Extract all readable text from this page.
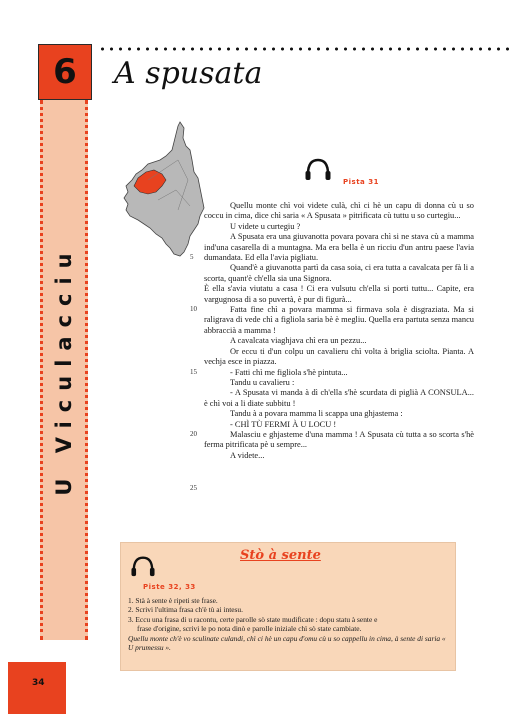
6 A spusata
U Viculacciu
Pista 31
5
10
15
20
25

Quellu monte chì voi videte culà, chì ci hè un capu di donna cù u so coccu in cima, dice chì saria « A Spusata » pitrificata cù tuttu u so curtegiu...

U videte u curtegiu ?

A Spusata era una giuvanotta povara povara chì si ne stava cù a mamma ind'una casarella di a muntagna. Ma era bella è un ricciu d'un antru paese l'avia dumandata. Ed ella l'avia pigliatu.

Quand'è a giuvanotta partì da casa soia, ci era tutta a cavalcata per fà li a scorta, quant'è ch'ella sia una Signora.

È ella s'avia viutatu a casa ! Ci era vulsutu ch'ella si porti tuttu... Capite, era vargugnosa di a so puvertà, è pur di figurà...

Fatta fine chì a povara mamma si firmava sola è disgraziata. Ma si raligrava di vede chì a figliola saria bè è megliu. Quella era partuta senza mancu abbraccià a mamma !

A cavalcata viaghjava chì era un pezzu...

Or eccu ti d'un colpu un cavalieru chì volta à briglia sciolta. Pianta. A vechja esce in piazza.

- Fatti chì me figliola s'hè pintuta...

Tandu u cavalieru :

- A Spusata vi manda à dì ch'ella s'hè scurdata di piglià A CONSULA... è chì voi a li diate subbitu !

Tandu à a povara mamma li scappa una ghjastema :

- CHÌ TÙ FERMI À U LOCU !

Malasciu e ghjasteme d'una mamma ! A Spusata cù tutta a so scorta s'hè ferma pitrificata pè u sempre...

A videte...

Stò à sente
Piste 32, 33

1. Stà à sente è ripeti ste frase.

2. Scrivi l'ultima frasa ch'è tù ai intesu.

3. Eccu una frasa di u racontu, certe parolle sò state mudificate : dopu statu à sente e

frase d'origine, scrivi le po nota dinò e parolle iniziale chì sò state cambiate.

Quellu monte ch'è vo sculinate culandi, chì ci hè un capu d'omu cù u so cappellu in cima, à sente di saria « U prumessu ».

34
